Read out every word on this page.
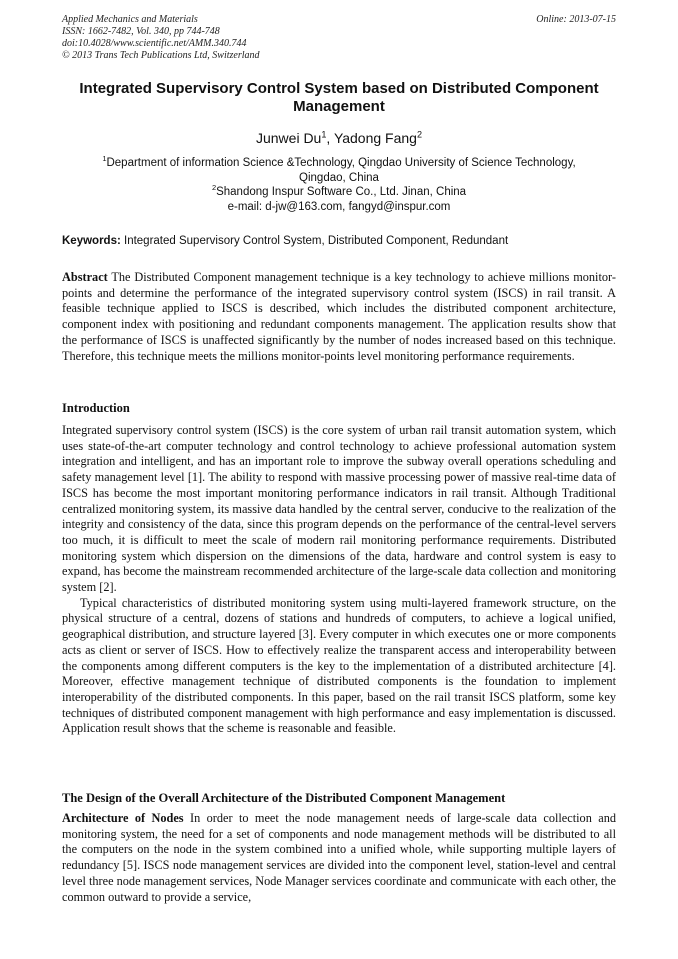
Applied Mechanics and Materials
ISSN: 1662-7482, Vol. 340, pp 744-748
doi:10.4028/www.scientific.net/AMM.340.744
© 2013 Trans Tech Publications Ltd, Switzerland
Online: 2013-07-15
Integrated Supervisory Control System based on Distributed Component Management
Junwei Du$^1$, Yadong Fang$^2$

$^1$Department of information Science &Technology, Qingdao University of Science Technology,

Qingdao, China

$^2$Shandong Inspur Software Co., Ltd. Jinan, China

e-mail: d-jw@163.com, fangyd@inspur.com

Keywords: Integrated Supervisory Control System, Distributed Component, Redundant

Abstract The Distributed Component management technique is a key technology to achieve millions monitor-points and determine the performance of the integrated supervisory control system (ISCS) in rail transit. A feasible technique applied to ISCS is described, which includes the distributed component architecture, component index with positioning and redundant components management. The application results show that the performance of ISCS is unaffected significantly by the number of nodes increased based on this technique. Therefore, this technique meets the millions monitor-points level monitoring performance requirements.

Introduction

Integrated supervisory control system (ISCS) is the core system of urban rail transit automation system, which uses state-of-the-art computer technology and control technology to achieve professional automation system integration and intelligent, and has an important role to improve the subway overall operations scheduling and safety management level [1]. The ability to respond with massive processing power of massive real-time data of ISCS has become the most important monitoring performance indicators in rail transit. Although Traditional centralized monitoring system, its massive data handled by the central server, conducive to the realization of the integrity and consistency of the data, since this program depends on the performance of the central-level servers too much, it is difficult to meet the scale of modern rail monitoring performance requirements. Distributed monitoring system which dispersion on the dimensions of the data, hardware and control system is easy to expand, has become the mainstream recommended architecture of the large-scale data collection and monitoring system [2].

Typical characteristics of distributed monitoring system using multi-layered framework structure, on the physical structure of a central, dozens of stations and hundreds of computers, to achieve a logical unified, geographical distribution, and structure layered [3]. Every computer in which executes one or more components acts as client or server of ISCS. How to effectively realize the transparent access and interoperability between the components among different computers is the key to the implementation of a distributed architecture [4]. Moreover, effective management technique of distributed components is the foundation to implement interoperability of the distributed components. In this paper, based on the rail transit ISCS platform, some key techniques of distributed component management with high performance and easy implementation is discussed. Application result shows that the scheme is reasonable and feasible.

The Design of the Overall Architecture of the Distributed Component Management

Architecture of Nodes In order to meet the node management needs of large-scale data collection and monitoring system, the need for a set of components and node management methods will be distributed to all the computers on the node in the system combined into a unified whole, while supporting multiple layers of redundancy [5]. ISCS node management services are divided into the component level, station-level and central level three node management services, Node Manager services coordinate and communicate with each other, the common outward to provide a service,
